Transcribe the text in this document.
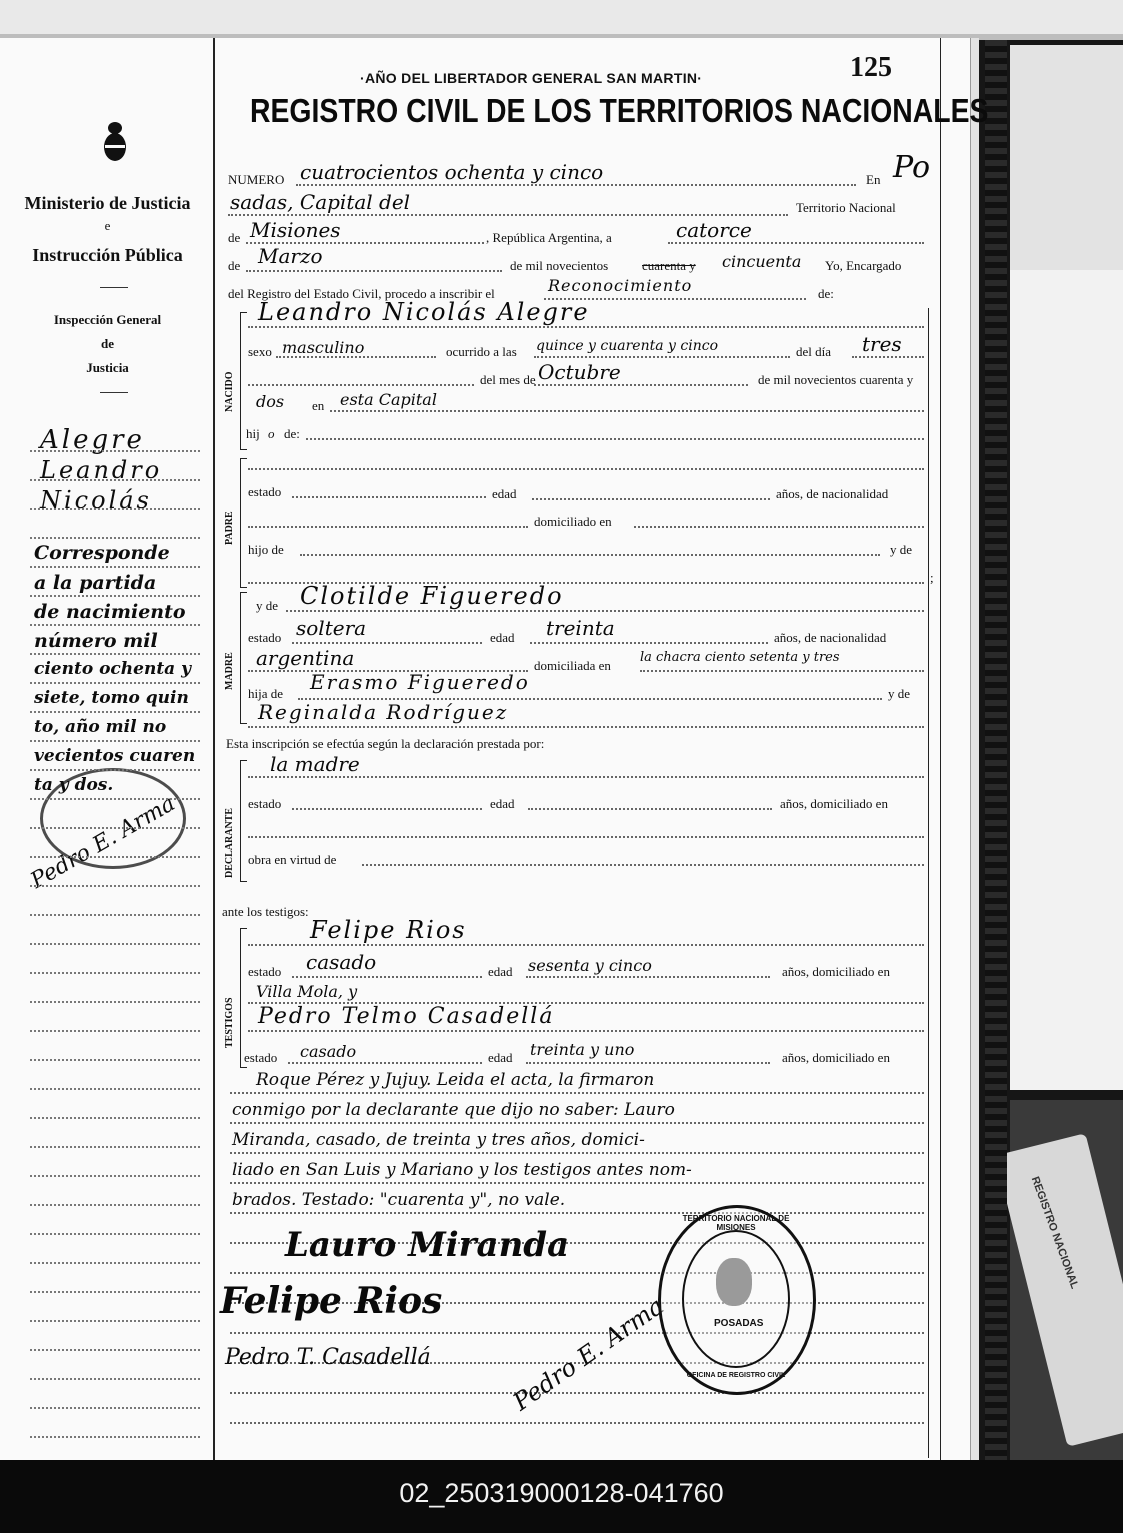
REGISTRO NACIONAL
Ministerio de Justicia
e
Instrucción Pública
Inspección General
de
Justicia
Alegre
Leandro
Nicolás
Corresponde
a la partida
de nacimiento
número mil
ciento ochenta y
siete, tomo quin
to, año mil no
vecientos cuaren
ta y dos.
Pedro E. Arma
125
·AÑO DEL LIBERTADOR GENERAL SAN MARTIN·
REGISTRO CIVIL DE LOS TERRITORIOS NACIONALES
NUMERO cuatrocientos ochenta y cinco	En Po
sadas, Capital del	Territorio Nacional
de Misiones	, República Argentina, a	catorce
de Marzo	de mil novecientos	cuarenta y cincuenta Yo, Encargado
del Registro del Estado Civil, procedo a inscribir el	Reconocimiento	de:
NACIDO
Leandro Nicolás Alegre
sexo masculino	ocurrido a las quince y cuarenta y cinco	del día tres
del mes de Octubre	de mil novecientos cuarenta y
dos en esta Capital
hij o de:
PADRE
estado	edad	años, de nacionalidad
domiciliado en
hijo de	y de
;
MADRE
y de Clotilde Figueredo
estado soltera	edad treinta	años, de nacionalidad
argentina	domiciliada en
la chacra ciento setenta y tres
hija de Erasmo Figueredo	y de
Reginalda Rodríguez
Esta inscripción se efectúa según la declaración prestada por:
DECLARANTE
la madre
estado	edad	años, domiciliado en
obra en virtud de
ante los testigos:
TESTIGOS
Felipe Rios
estado casado	edad sesenta y cinco	años, domiciliado en
Villa Mola, y
Pedro Telmo Casadellá
estado casado	edad treinta y uno	años, domiciliado en
Roque Pérez y Jujuy. Leida el acta, la firmaron
conmigo por la declarante que dijo no saber: Lauro
Miranda, casado, de treinta y tres años, domici-
liado en San Luis y Mariano y los testigos antes nom-
brados. Testado: "cuarenta y", no vale.
Lauro Miranda
Felipe Rios
Pedro T. Casadellá	Pedro E. Arma
TERRITORIO NACIONAL DE MISIONES
POSADAS
OFICINA DE REGISTRO CIVIL
02_250319000128-041760
